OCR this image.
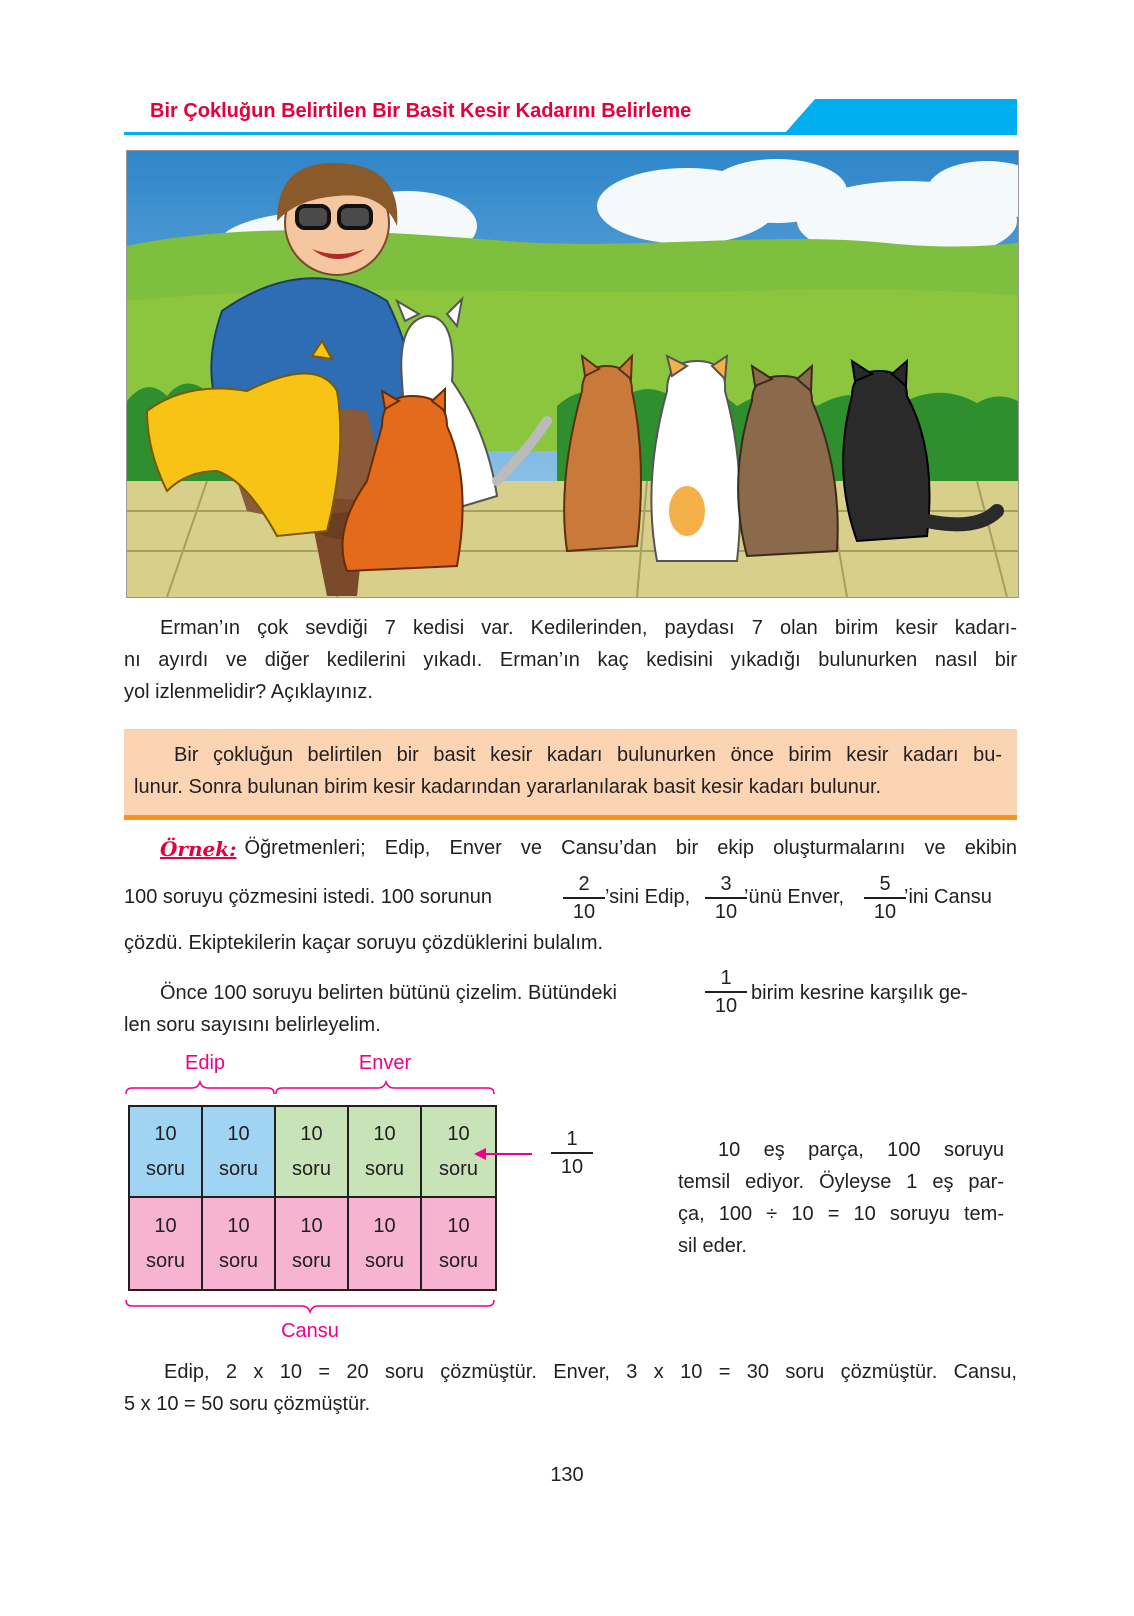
Bir Çokluğun Belirtilen Bir Basit Kesir Kadarını Belirleme
Erman’ın çok sevdiği 7 kedisi var. Kedilerinden, paydası 7 olan birim kesir kadarı-
nı ayırdı ve diğer kedilerini yıkadı. Erman’ın kaç kedisini yıkadığı bulunurken nasıl bir
yol izlenmelidir? Açıklayınız.
Bir çokluğun belirtilen bir basit kesir kadarı bulunurken önce birim kesir kadarı bu-
lunur. Sonra bulunan birim kesir kadarından yararlanılarak basit kesir kadarı bulunur.
Örnek: Öğretmenleri; Edip, Enver ve Cansu’dan bir ekip oluşturmalarını ve ekibin
100 soruyu çözmesini istedi. 100 sorunun
2
10
’sini Edip,
3
10
’ünü Enver,
5
10
’ini Cansu
çözdü. Ekiptekilerin kaçar soruyu çözdüklerini bulalım.
Önce 100 soruyu belirten bütünü çizelim. Bütündeki
1
10
birim kesrine karşılık ge-
len soru sayısını belirleyelim.
Edip	Enver
10
soru
10
soru
10
soru
10
soru
10
soru
10
soru
10
soru
10
soru
10
soru
10
soru
Cansu
1
10
10 eş parça, 100 soruyu
temsil ediyor. Öyleyse 1 eş par-
ça, 100 ÷ 10 = 10 soruyu tem-
sil eder.
Edip, 2 x 10 = 20 soru çözmüştür. Enver, 3 x 10 = 30 soru çözmüştür. Cansu,
5 x 10 = 50 soru çözmüştür.
130
